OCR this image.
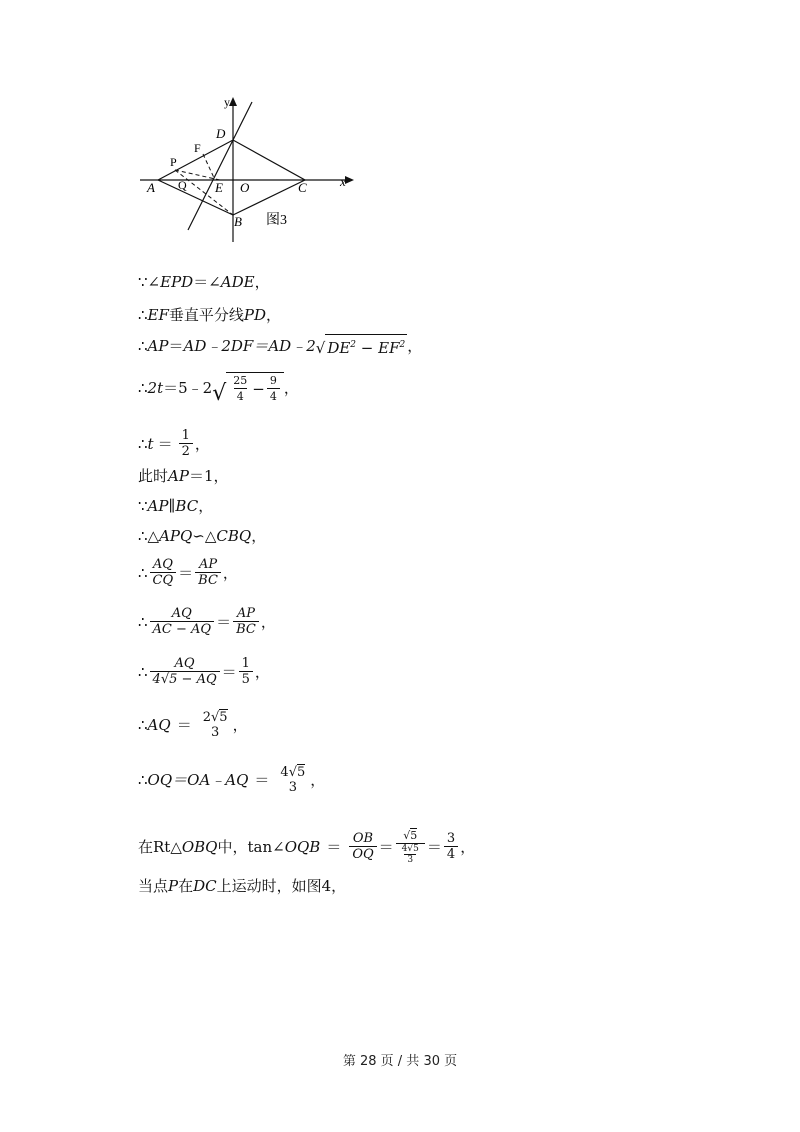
y
x
D
F
P
Q
A	E O	C
B 图3
∵ ∠EPD ＝ ∠ADE ，
∴ EF 垂直平分线 PD ，
∴ AP ＝ AD﹣2DF＝AD﹣2 √ $DE^2 - EF^2$ ，
∴ 2t ＝5﹣2 √ $\frac{25}{4} - \frac{9}{4}$ ，
∴ $t = \frac{1}{2}$ ，
此时 AP ＝1，
∵ AP∥BC ，
∴ △APQ∽△CBQ ，
∴ $\frac{AQ}{CQ} = \frac{AP}{BC}$ ，
∴ $\frac{AQ}{AC - AQ} = \frac{AP}{BC}$ ，
∴ $\frac{AQ}{4√5 - AQ} = \frac{1}{5}$ ，
∴ AQ ＝ 2√5
3 ，
∴ OQ＝OA﹣AQ ＝ 4√5
3 ，
在Rt△ OBQ 中，tan∠ OQB ＝ $\frac{OB}{OQ} = \frac{√5}{\frac{4√5}{3}} = \frac{3}{4}$ ，
当点 P 在 DC 上运动时，如图4，
第 28 页 / 共 30 页
